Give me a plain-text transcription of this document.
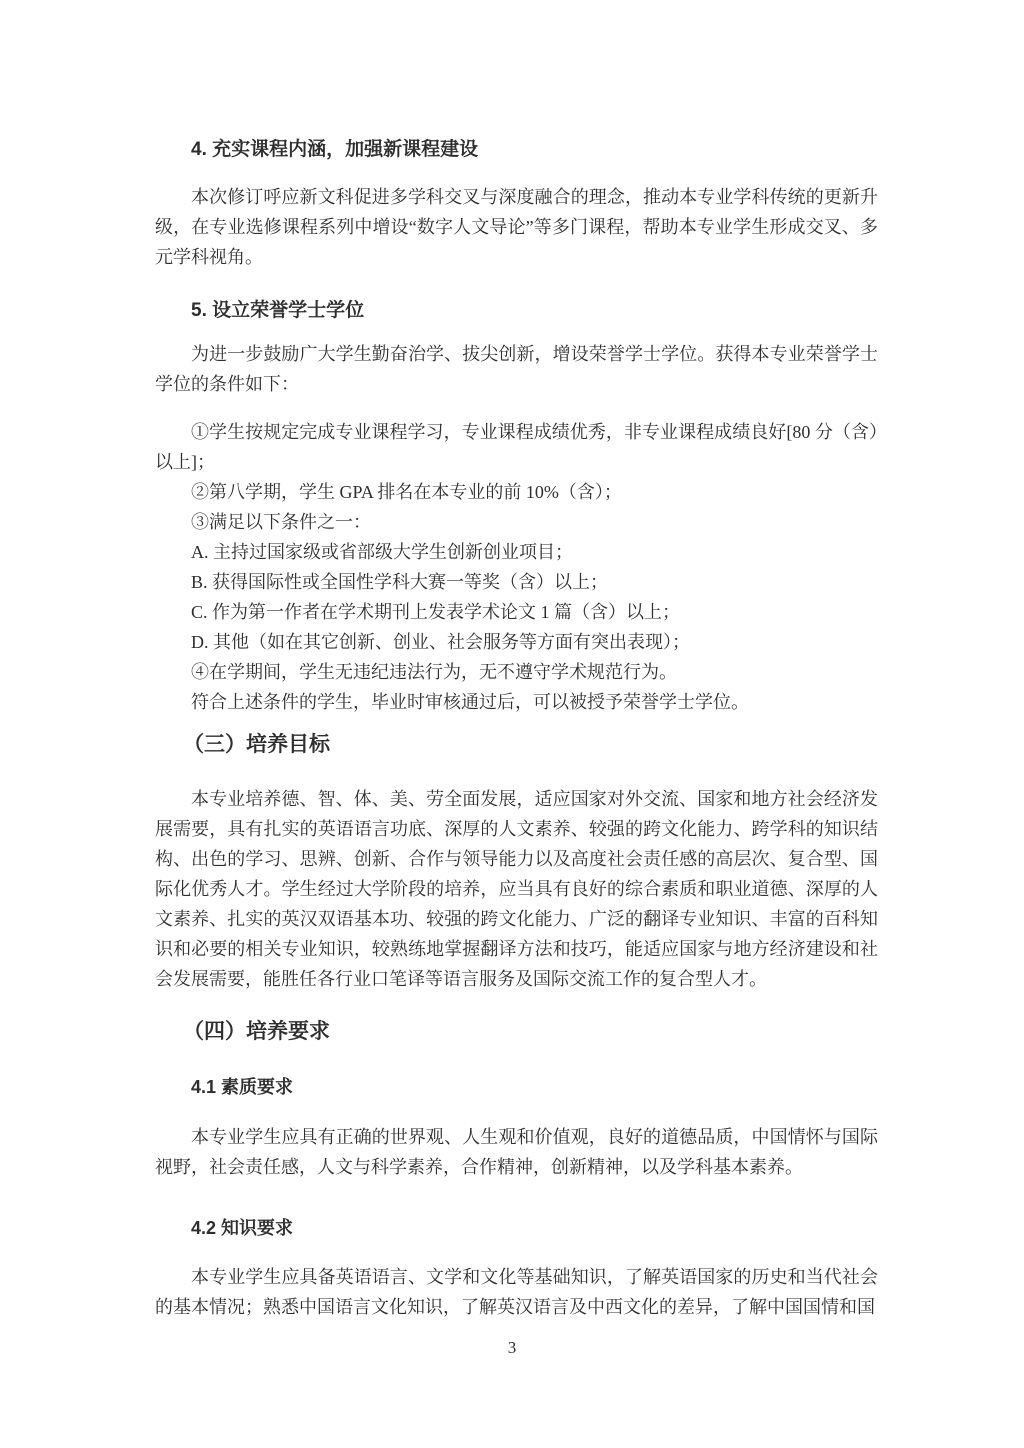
4. 充实课程内涵，加强新课程建设

本次修订呼应新文科促进多学科交叉与深度融合的理念，推动本专业学科传统的更新升级，在专业选修课程系列中增设“数字人文导论”等多门课程，帮助本专业学生形成交叉、多元学科视角。

5. 设立荣誉学士学位

为进一步鼓励广大学生勤奋治学、拔尖创新，增设荣誉学士学位。获得本专业荣誉学士学位的条件如下：

①学生按规定完成专业课程学习，专业课程成绩优秀，非专业课程成绩良好[80 分（含）以上]；

②第八学期，学生 GPA 排名在本专业的前 10%（含）；

③满足以下条件之一：

A. 主持过国家级或省部级大学生创新创业项目；

B. 获得国际性或全国性学科大赛一等奖（含）以上；

C. 作为第一作者在学术期刊上发表学术论文 1 篇（含）以上；

D. 其他（如在其它创新、创业、社会服务等方面有突出表现）；

④在学期间，学生无违纪违法行为，无不遵守学术规范行为。

符合上述条件的学生，毕业时审核通过后，可以被授予荣誉学士学位。

（三）培养目标

本专业培养德、智、体、美、劳全面发展，适应国家对外交流、国家和地方社会经济发展需要，具有扎实的英语语言功底、深厚的人文素养、较强的跨文化能力、跨学科的知识结构、出色的学习、思辨、创新、合作与领导能力以及高度社会责任感的高层次、复合型、国际化优秀人才。学生经过大学阶段的培养，应当具有良好的综合素质和职业道德、深厚的人文素养、扎实的英汉双语基本功、较强的跨文化能力、广泛的翻译专业知识、丰富的百科知识和必要的相关专业知识，较熟练地掌握翻译方法和技巧，能适应国家与地方经济建设和社会发展需要，能胜任各行业口笔译等语言服务及国际交流工作的复合型人才。

（四）培养要求
4.1 素质要求

本专业学生应具有正确的世界观、人生观和价值观，良好的道德品质，中国情怀与国际视野，社会责任感，人文与科学素养，合作精神，创新精神，以及学科基本素养。

4.2 知识要求

本专业学生应具备英语语言、文学和文化等基础知识，了解英语国家的历史和当代社会的基本情况；熟悉中国语言文化知识，了解英汉语言及中西文化的差异，了解中国国情和国

3
